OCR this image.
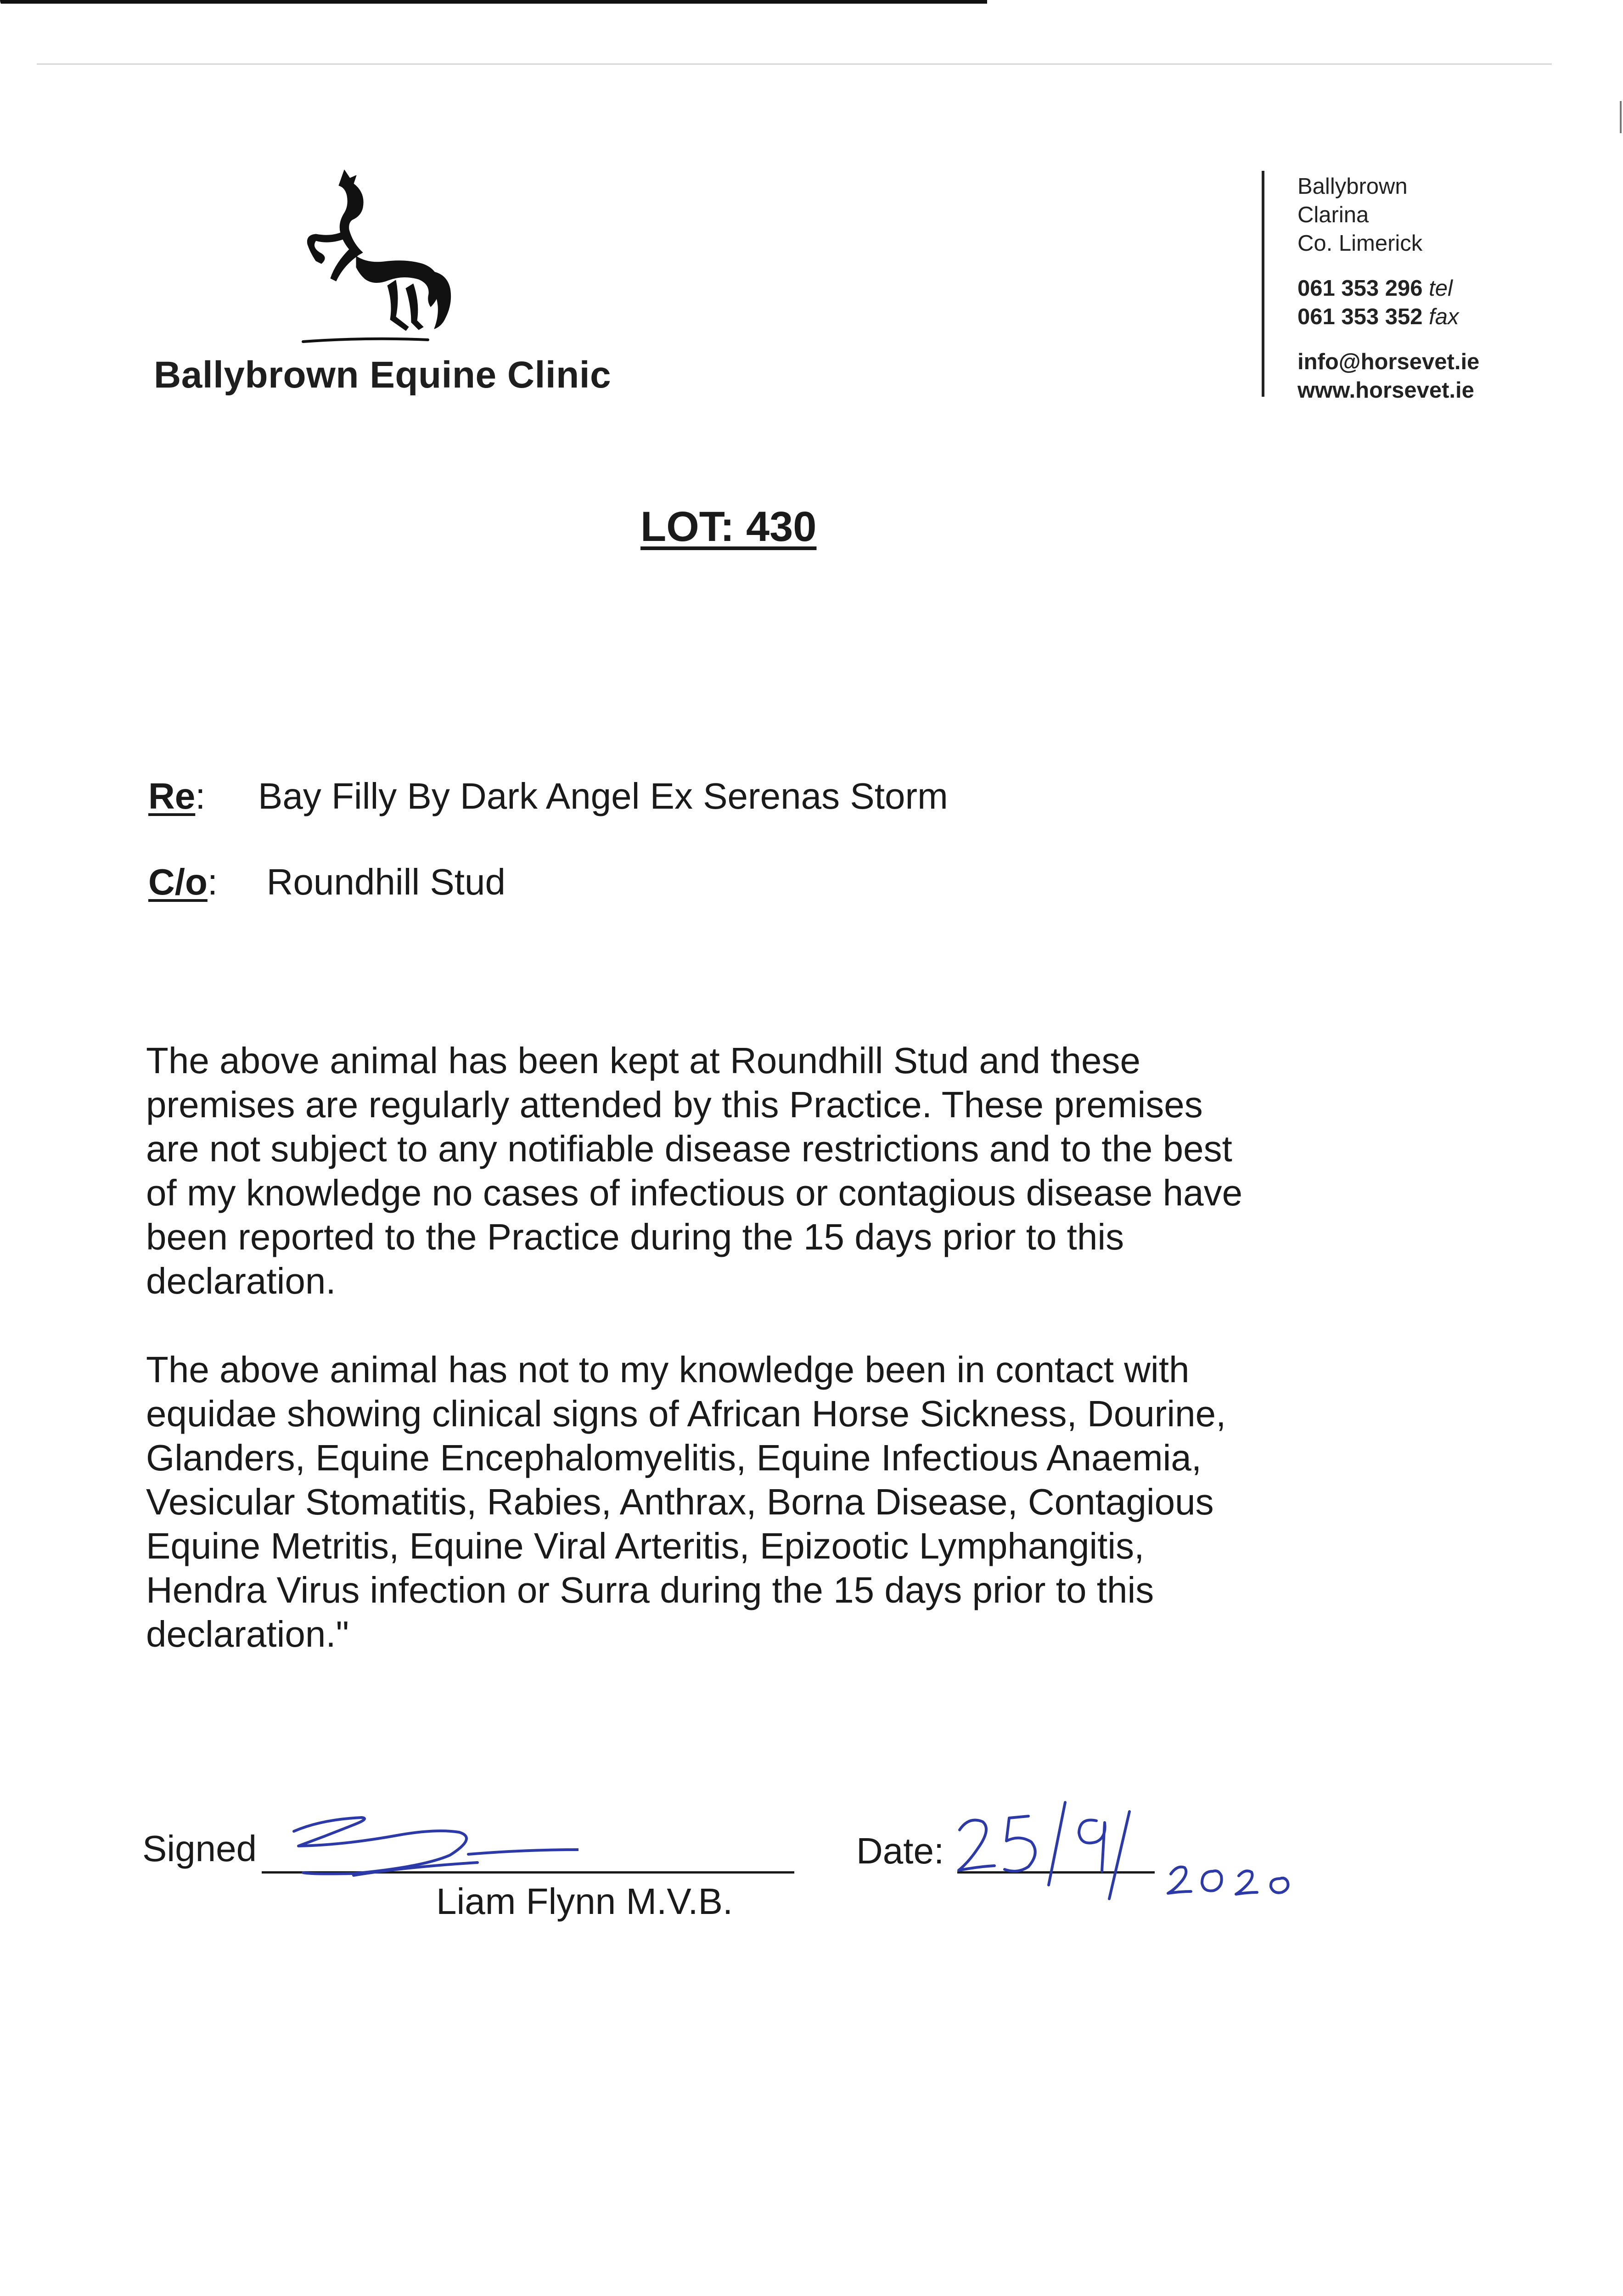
Ballybrown Equine Clinic
Ballybrown
Clarina
Co. Limerick
061 353 296 tel
061 353 352 fax
info@horsevet.ie
www.horsevet.ie
LOT: 430
Re: Bay Filly By Dark Angel Ex Serenas Storm
C/o: Roundhill Stud

The above animal has been kept at Roundhill Stud and these
premises are regularly attended by this Practice. These premises
are not subject to any notifiable disease restrictions and to the best
of my knowledge no cases of infectious or contagious disease have
been reported to the Practice during the 15 days prior to this
declaration.

The above animal has not to my knowledge been in contact with
equidae showing clinical signs of African Horse Sickness, Dourine,
Glanders, Equine Encephalomyelitis, Equine Infectious Anaemia,
Vesicular Stomatitis, Rabies, Anthrax, Borna Disease, Contagious
Equine Metritis, Equine Viral Arteritis, Epizootic Lymphangitis,
Hendra Virus infection or Surra during the 15 days prior to this
declaration."

Signed
Liam Flynn M.V.B.
Date:
